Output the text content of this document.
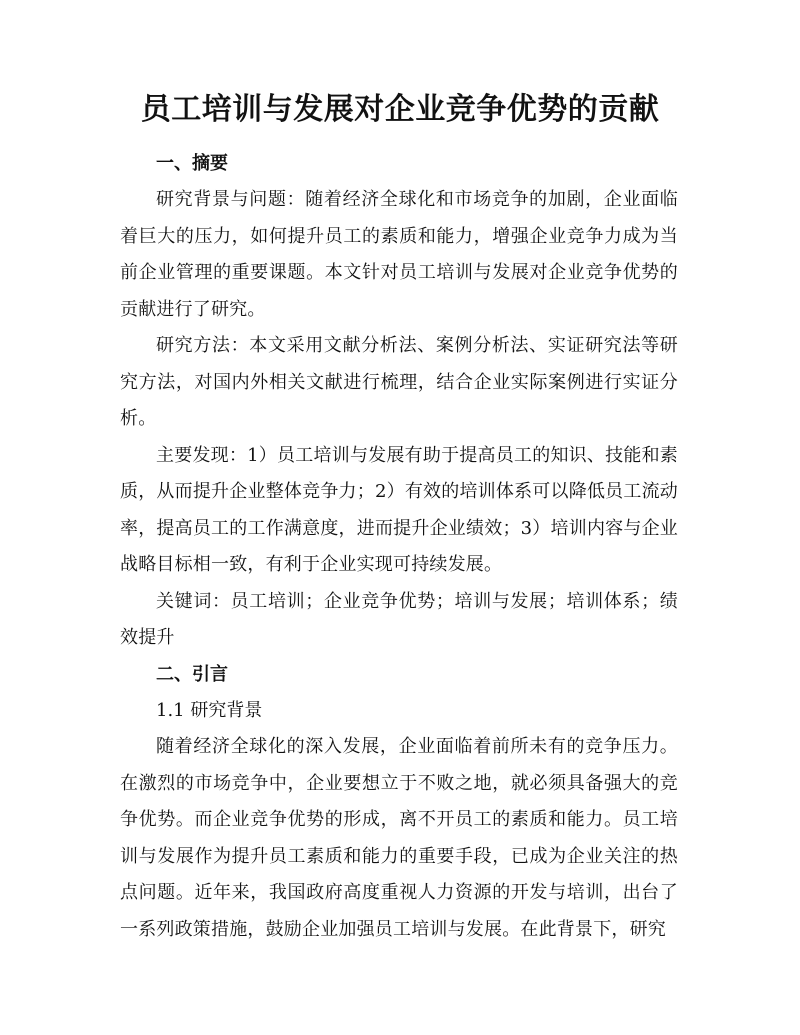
员工培训与发展对企业竞争优势的贡献
一、摘要

研究背景与问题：随着经济全球化和市场竞争的加剧，企业面临着巨大的压力，如何提升员工的素质和能力，增强企业竞争力成为当前企业管理的重要课题。本文针对员工培训与发展对企业竞争优势的贡献进行了研究。

研究方法：本文采用文献分析法、案例分析法、实证研究法等研究方法，对国内外相关文献进行梳理，结合企业实际案例进行实证分析。

主要发现：1）员工培训与发展有助于提高员工的知识、技能和素质，从而提升企业整体竞争力；2）有效的培训体系可以降低员工流动率，提高员工的工作满意度，进而提升企业绩效；3）培训内容与企业战略目标相一致，有利于企业实现可持续发展。

关键词：员工培训；企业竞争优势；培训与发展；培训体系；绩效提升

二、引言
1.1 研究背景

随着经济全球化的深入发展，企业面临着前所未有的竞争压力。在激烈的市场竞争中，企业要想立于不败之地，就必须具备强大的竞争优势。而企业竞争优势的形成，离不开员工的素质和能力。员工培训与发展作为提升员工素质和能力的重要手段，已成为企业关注的热点问题。近年来，我国政府高度重视人力资源的开发与培训，出台了一系列政策措施，鼓励企业加强员工培训与发展。在此背景下，研究
